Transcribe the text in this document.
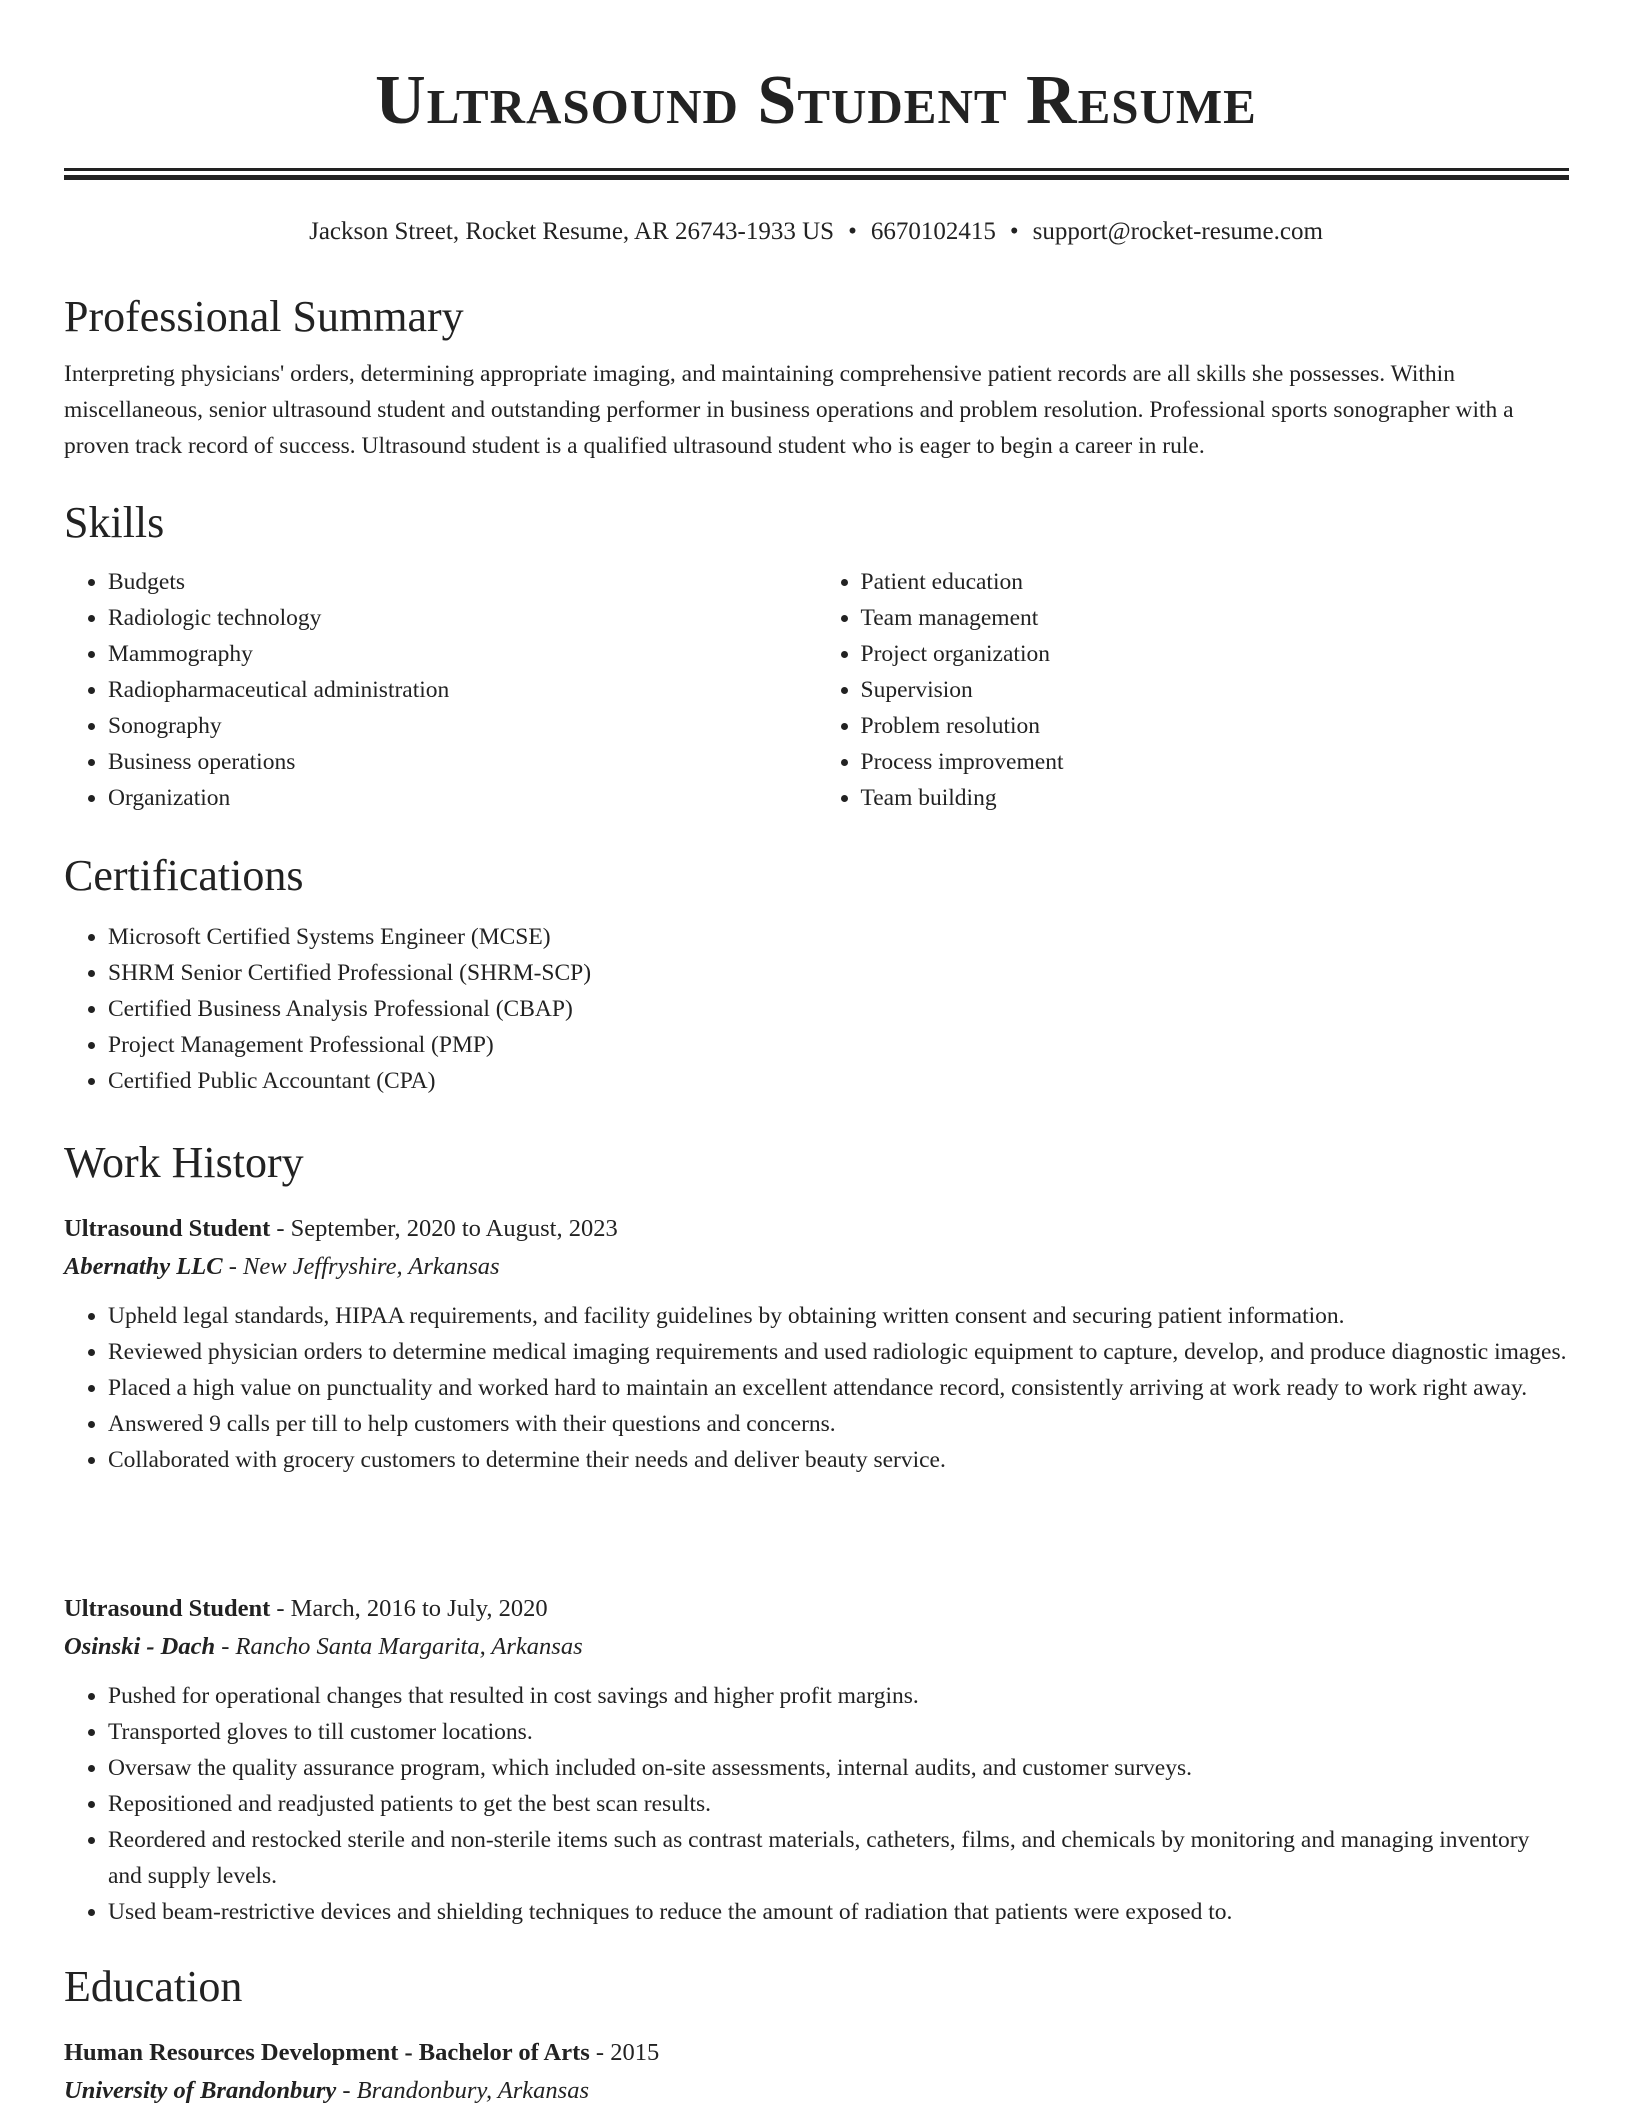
Ultrasound Student Resume
Jackson Street, Rocket Resume, AR 26743-1933 US • 6670102415 • support@rocket-resume.com
Professional Summary
Interpreting physicians' orders, determining appropriate imaging, and maintaining comprehensive patient records are all skills she possesses. Within miscellaneous, senior ultrasound student and outstanding performer in business operations and problem resolution. Professional sports sonographer with a proven track record of success. Ultrasound student is a qualified ultrasound student who is eager to begin a career in rule.
Skills
• Budgets
• Radiologic technology
• Mammography
• Radiopharmaceutical administration
• Sonography
• Business operations
• Organization
• Patient education
• Team management
• Project organization
• Supervision
• Problem resolution
• Process improvement
• Team building
Certifications
• Microsoft Certified Systems Engineer (MCSE)
• SHRM Senior Certified Professional (SHRM-SCP)
• Certified Business Analysis Professional (CBAP)
• Project Management Professional (PMP)
• Certified Public Accountant (CPA)
Work History
Ultrasound Student - September, 2020 to August, 2023
Abernathy LLC - New Jeffryshire, Arkansas
• Upheld legal standards, HIPAA requirements, and facility guidelines by obtaining written consent and securing patient information.
• Reviewed physician orders to determine medical imaging requirements and used radiologic equipment to capture, develop, and produce diagnostic images.
• Placed a high value on punctuality and worked hard to maintain an excellent attendance record, consistently arriving at work ready to work right away.
• Answered 9 calls per till to help customers with their questions and concerns.
• Collaborated with grocery customers to determine their needs and deliver beauty service.
Ultrasound Student - March, 2016 to July, 2020
Osinski - Dach - Rancho Santa Margarita, Arkansas
• Pushed for operational changes that resulted in cost savings and higher profit margins.
• Transported gloves to till customer locations.
• Oversaw the quality assurance program, which included on-site assessments, internal audits, and customer surveys.
• Repositioned and readjusted patients to get the best scan results.
• Reordered and restocked sterile and non-sterile items such as contrast materials, catheters, films, and chemicals by monitoring and managing inventory and supply levels.
• Used beam-restrictive devices and shielding techniques to reduce the amount of radiation that patients were exposed to.
Education
Human Resources Development - Bachelor of Arts - 2015
University of Brandonbury - Brandonbury, Arkansas
